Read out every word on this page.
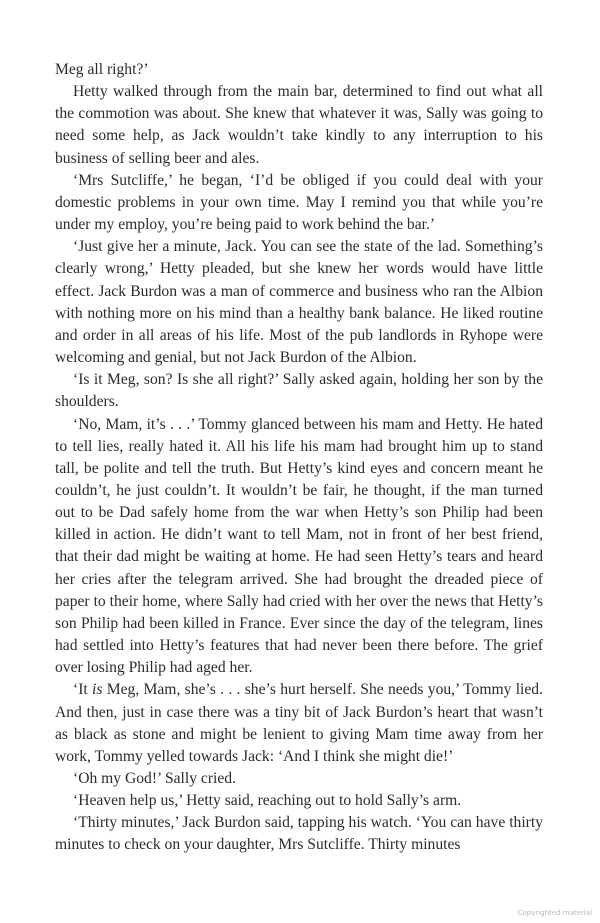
Meg all right?’

Hetty walked through from the main bar, determined to find out what all the commotion was about. She knew that whatever it was, Sally was going to need some help, as Jack wouldn’t take kindly to any interruption to his business of selling beer and ales.

‘Mrs Sutcliffe,’ he began, ‘I’d be obliged if you could deal with your domestic problems in your own time. May I remind you that while you’re under my employ, you’re being paid to work behind the bar.’

‘Just give her a minute, Jack. You can see the state of the lad. Something’s clearly wrong,’ Hetty pleaded, but she knew her words would have little effect. Jack Burdon was a man of commerce and business who ran the Albion with nothing more on his mind than a healthy bank balance. He liked routine and order in all areas of his life. Most of the pub landlords in Ryhope were welcoming and genial, but not Jack Burdon of the Albion.

‘Is it Meg, son? Is she all right?’ Sally asked again, holding her son by the shoulders.

‘No, Mam, it’s . . .’ Tommy glanced between his mam and Hetty. He hated to tell lies, really hated it. All his life his mam had brought him up to stand tall, be polite and tell the truth. But Hetty’s kind eyes and concern meant he couldn’t, he just couldn’t. It wouldn’t be fair, he thought, if the man turned out to be Dad safely home from the war when Hetty’s son Philip had been killed in action. He didn’t want to tell Mam, not in front of her best friend, that their dad might be waiting at home. He had seen Hetty’s tears and heard her cries after the telegram arrived. She had brought the dreaded piece of paper to their home, where Sally had cried with her over the news that Hetty’s son Philip had been killed in France. Ever since the day of the telegram, lines had settled into Hetty’s features that had never been there before. The grief over losing Philip had aged her.

‘It is Meg, Mam, she’s . . . she’s hurt herself. She needs you,’ Tommy lied. And then, just in case there was a tiny bit of Jack Burdon’s heart that wasn’t as black as stone and might be lenient to giving Mam time away from her work, Tommy yelled towards Jack: ‘And I think she might die!’

‘Oh my God!’ Sally cried.

‘Heaven help us,’ Hetty said, reaching out to hold Sally’s arm.

‘Thirty minutes,’ Jack Burdon said, tapping his watch. ‘You can have thirty minutes to check on your daughter, Mrs Sutcliffe. Thirty minutes

Copyrighted material
